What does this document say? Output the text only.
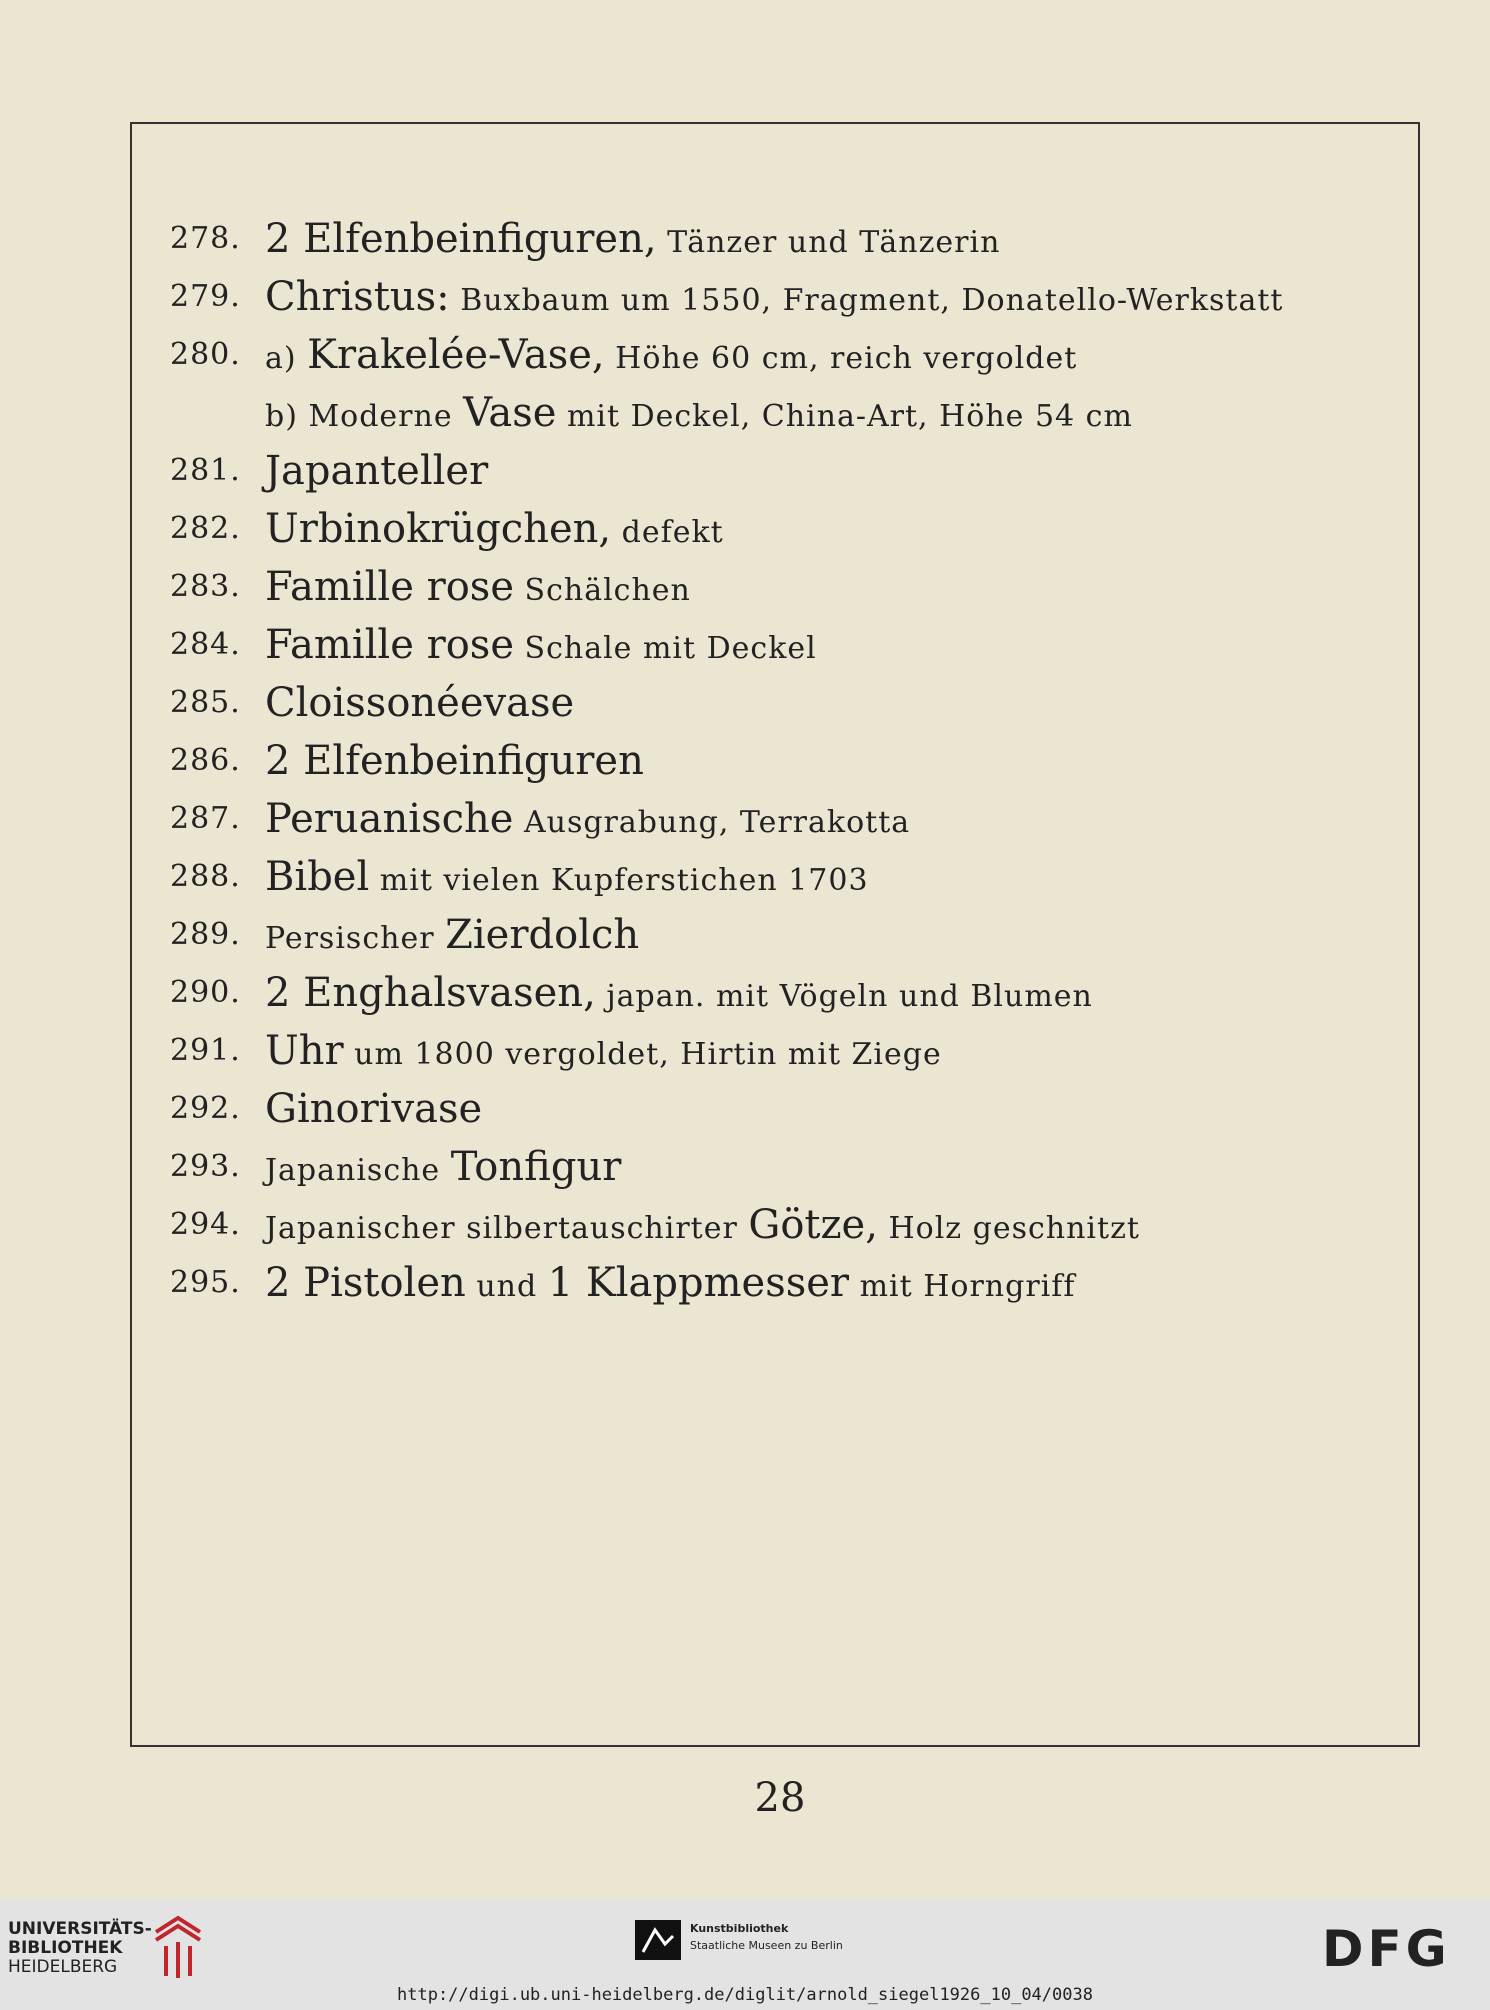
278. 2 Elfenbeinfiguren, Tänzer und Tänzerin
279. Christus: Buxbaum um 1550, Fragment, Donatello-Werkstatt
280. a) Krakelée-Vase, Höhe 60 cm, reich vergoldet
b) Moderne Vase mit Deckel, China-Art, Höhe 54 cm
281. Japanteller
282. Urbinokrügchen, defekt
283. Famille rose Schälchen
284. Famille rose Schale mit Deckel
285. Cloissonéevase
286. 2 Elfenbeinfiguren
287. Peruanische Ausgrabung, Terrakotta
288. Bibel mit vielen Kupferstichen 1703
289. Persischer Zierdolch
290. 2 Enghalsvasen, japan. mit Vögeln und Blumen
291. Uhr um 1800 vergoldet, Hirtin mit Ziege
292. Ginorivase
293. Japanische Tonfigur
294. Japanischer silbertauschirter Götze, Holz geschnitzt
295. 2 Pistolen und 1 Klappmesser mit Horngriff
28
UNIVERSITÄTS-
BIBLIOTHEK
HEIDELBERG
Kunstbibliothek
Staatliche Museen zu Berlin	DFG
http://digi.ub.uni-heidelberg.de/diglit/arnold_siegel1926_10_04/0038
